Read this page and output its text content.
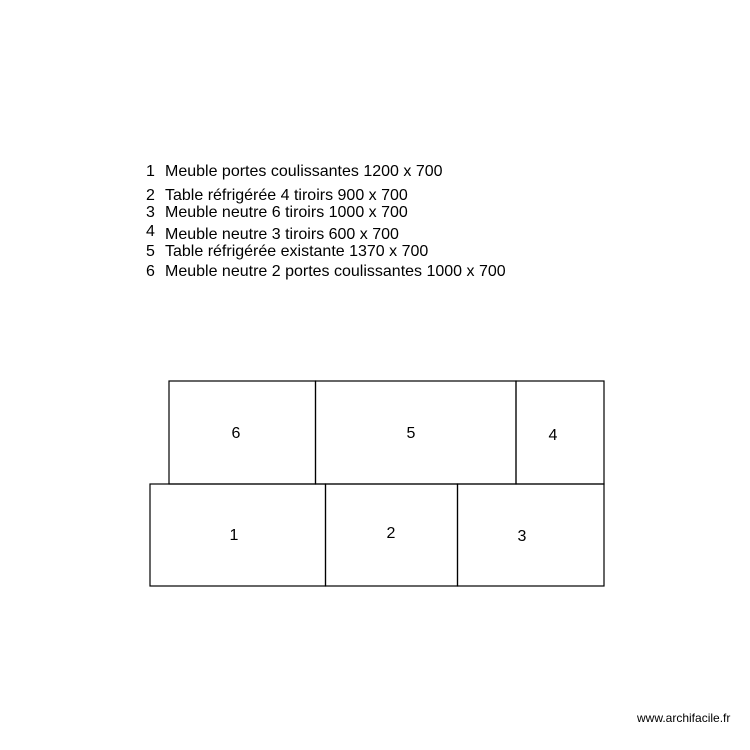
1 Meuble portes coulissantes 1200 x 700
2 Table réfrigérée 4 tiroirs 900 x 700
3 Meuble neutre 6 tiroirs 1000 x 700
4 Meuble neutre 3 tiroirs 600 x 700
5 Table réfrigérée existante 1370 x 700
6 Meuble neutre 2 portes coulissantes 1000 x 700
6	5	4
1	2	3
www.archifacile.fr
